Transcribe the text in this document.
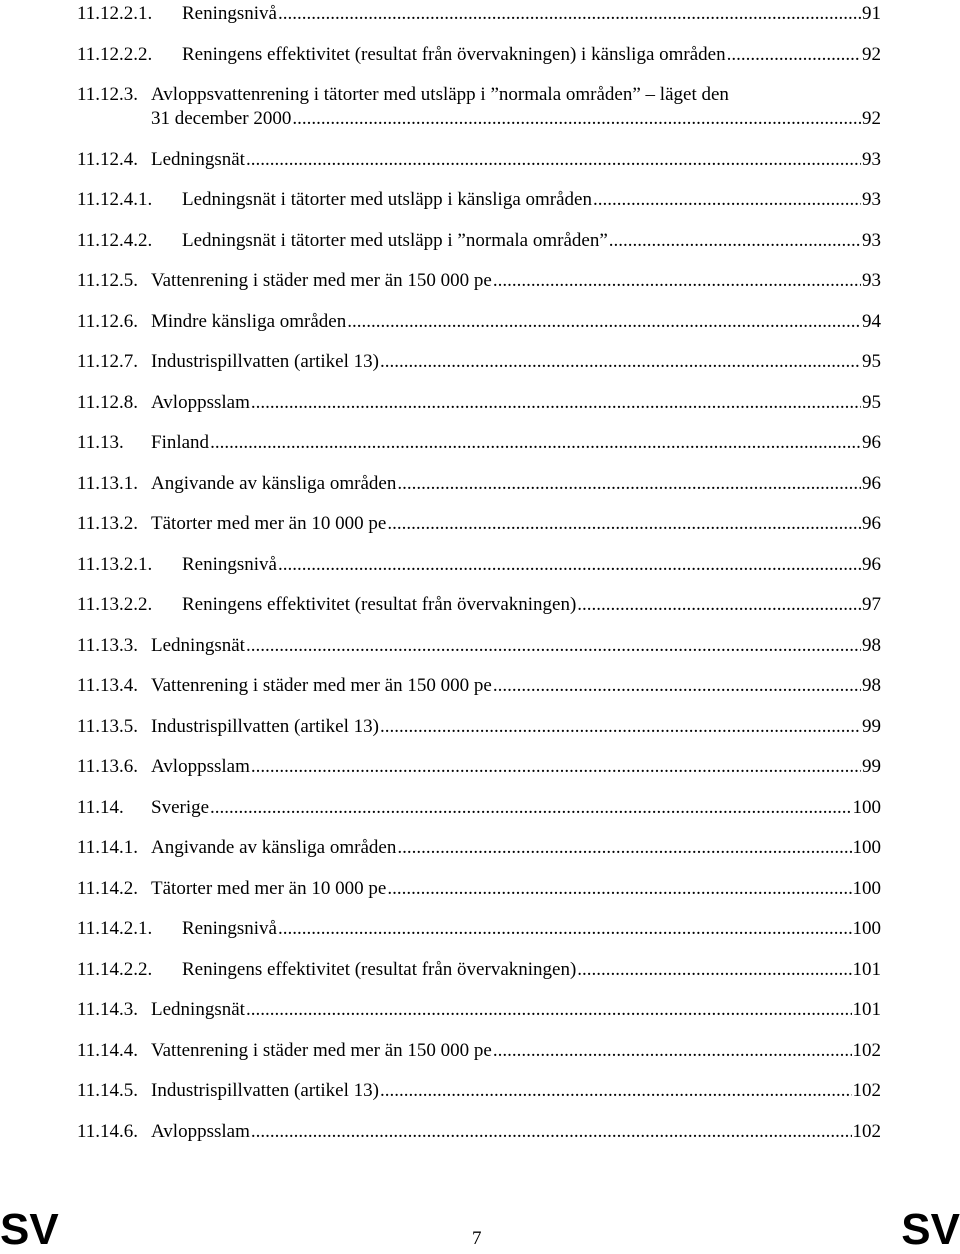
11.12.2.1. Reningsnivå .....	91
11.12.2.2. Reningens effektivitet (resultat från övervakningen) i känsliga områden .....	92
11.12.3. Avloppsvattenrening i tätorter med utsläpp i ”normala områden” – läget den
31 december 2000 .....	92
11.12.4. Ledningsnät .....	93
11.12.4.1. Ledningsnät i tätorter med utsläpp i känsliga områden .....	93
11.12.4.2. Ledningsnät i tätorter med utsläpp i ”normala områden” .....	93
11.12.5. Vattenrening i städer med mer än 150 000 pe .....	93
11.12.6. Mindre känsliga områden .....	94
11.12.7. Industrispillvatten (artikel 13) .....	95
11.12.8. Avloppsslam .....	95
11.13. Finland .....	96
11.13.1. Angivande av känsliga områden .....	96
11.13.2. Tätorter med mer än 10 000 pe .....	96
11.13.2.1. Reningsnivå .....	96
11.13.2.2. Reningens effektivitet (resultat från övervakningen) .....	97
11.13.3. Ledningsnät .....	98
11.13.4. Vattenrening i städer med mer än 150 000 pe .....	98
11.13.5. Industrispillvatten (artikel 13) .....	99
11.13.6. Avloppsslam .....	99
11.14. Sverige .....	100
11.14.1. Angivande av känsliga områden .....	100
11.14.2. Tätorter med mer än 10 000 pe .....	100
11.14.2.1. Reningsnivå .....	100
11.14.2.2. Reningens effektivitet (resultat från övervakningen) .....	101
11.14.3. Ledningsnät .....	101
11.14.4. Vattenrening i städer med mer än 150 000 pe .....	102
11.14.5. Industrispillvatten (artikel 13) .....	102
11.14.6. Avloppsslam .....	102
SV	7	SV
